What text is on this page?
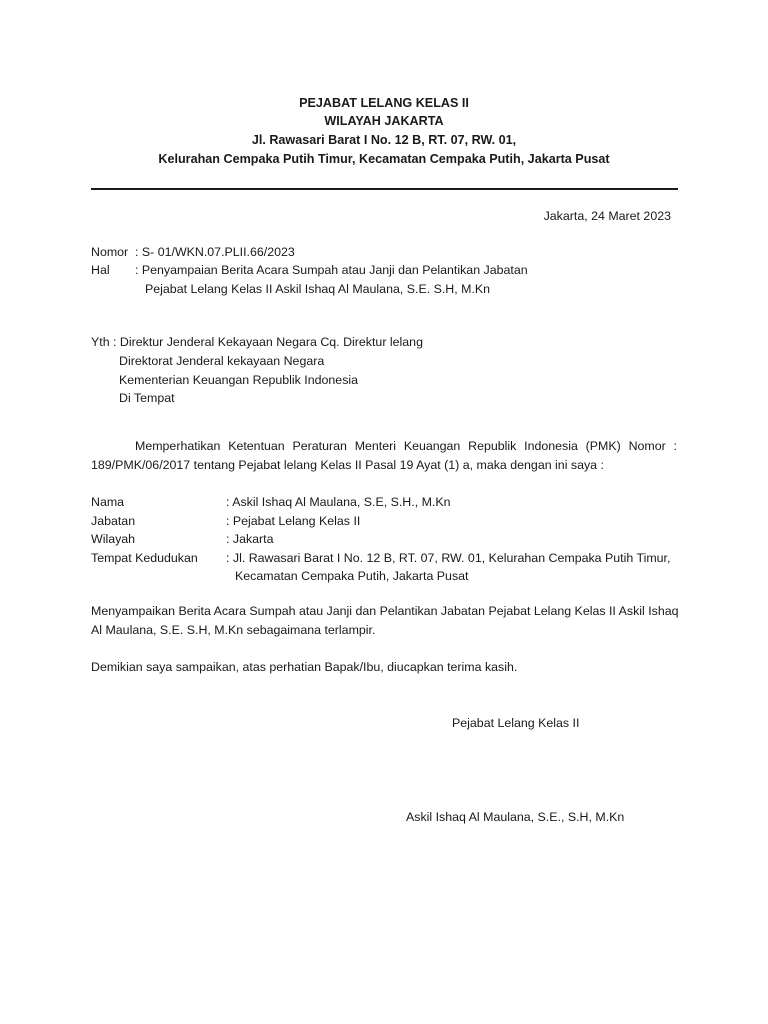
PEJABAT LELANG KELAS II
WILAYAH JAKARTA
Jl. Rawasari Barat I No. 12 B, RT. 07, RW. 01,
Kelurahan Cempaka Putih Timur, Kecamatan Cempaka Putih, Jakarta Pusat
Jakarta, 24 Maret 2023
Nomor : S- 01/WKN.07.PLII.66/2023
Hal : Penyampaian Berita Acara Sumpah atau Janji dan Pelantikan Jabatan
Pejabat Lelang Kelas II Askil Ishaq Al Maulana, S.E. S.H, M.Kn
Yth : Direktur Jenderal Kekayaan Negara Cq. Direktur lelang
Direktorat Jenderal kekayaan Negara
Kementerian Keuangan Republik Indonesia
Di Tempat
Memperhatikan Ketentuan Peraturan Menteri Keuangan Republik Indonesia (PMK) Nomor :
189/PMK/06/2017 tentang Pejabat lelang Kelas II Pasal 19 Ayat (1) a, maka dengan ini saya :
Nama	: Askil Ishaq Al Maulana, S.E, S.H., M.Kn
Jabatan	: Pejabat Lelang Kelas II
Wilayah	: Jakarta
Tempat Kedudukan : Jl. Rawasari Barat I No. 12 B, RT. 07, RW. 01, Kelurahan Cempaka Putih Timur,
Kecamatan Cempaka Putih, Jakarta Pusat
Menyampaikan Berita Acara Sumpah atau Janji dan Pelantikan Jabatan Pejabat Lelang Kelas II Askil Ishaq
Al Maulana, S.E. S.H, M.Kn sebagaimana terlampir.
Demikian saya sampaikan, atas perhatian Bapak/Ibu, diucapkan terima kasih.
Pejabat Lelang Kelas II
Askil Ishaq Al Maulana, S.E., S.H, M.Kn
